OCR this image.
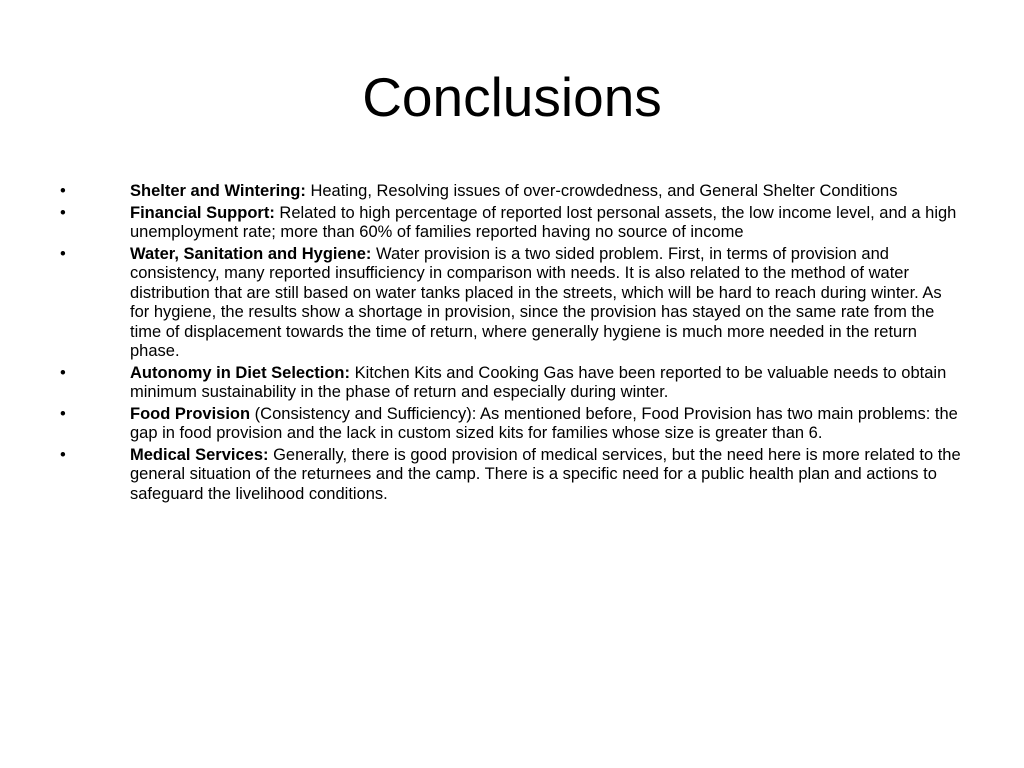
Conclusions
•	Shelter and Wintering: Heating, Resolving issues of over-crowdedness, and General Shelter Conditions
•	Financial Support: Related to high percentage of reported lost personal assets, the low income level, and a high unemployment rate; more than 60% of families reported having no source of income
•	Water, Sanitation and Hygiene: Water provision is a two sided problem. First, in terms of provision and consistency, many reported insufficiency in comparison with needs. It is also related to the method of water distribution that are still based on water tanks placed in the streets, which will be hard to reach during winter. As for hygiene, the results show a shortage in provision, since the provision has stayed on the same rate from the time of displacement towards the time of return, where generally hygiene is much more needed in the return phase.
•	Autonomy in Diet Selection: Kitchen Kits and Cooking Gas have been reported to be valuable needs to obtain minimum sustainability in the phase of return and especially during winter.
•	Food Provision (Consistency and Sufficiency): As mentioned before, Food Provision has two main problems: the gap in food provision and the lack in custom sized kits for families whose size is greater than 6.
•	Medical Services: Generally, there is good provision of medical services, but the need here is more related to the general situation of the returnees and the camp. There is a specific need for a public health plan and actions to safeguard the livelihood conditions.
